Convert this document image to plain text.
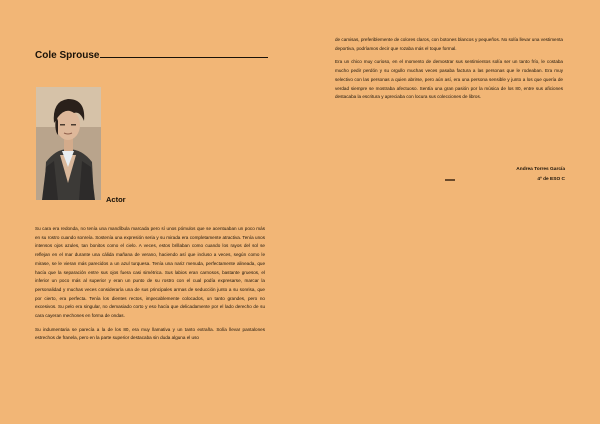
Cole Sprouse
Actor

Su cara era redonda, no tenía una mandíbula marcada pero sí unos pómulos que se acentuaban un poco más en su rostro cuando sonreía. Sostenía una expresión seria y su mirada era completamente atractiva. Tenía unos intensos ojos azules, tan bonitos como el cielo. A veces, estos brillaban como cuando los rayos del sol se reflejan en el mar durante una cálida mañana de verano, haciendo así que incluso a veces, según como le mirase, se le vieran más parecidos a un azul turquesa. Tenía una nariz menuda, perfectamente alineada, que hacía que la separación entre sus ojos fuera casi simétrica. Sus labios eran carnosos, bastante gruesos, el inferior un poco más al superior y eran un punto de su rostro con el cual podía expresarse, marcar la personalidad y muchas veces consideraría una de sus principales armas de seducción junto a su sonrisa, que por cierto, era perfecta. Tenía los dientes rectos, impecablemente colocados, un tanto grandes, pero no excesivos. Su pelo era singular, no demasiado corto y eso hacía que delicadamente por el lado derecho de su cara cayeran mechones en forma de ondas.

Su indumentaria se parecía a la de los 80, era muy llamativa y un tanto extraña. Solía llevar pantalones estrechos de franela, pero en la parte superior destacaba sin duda alguna el uso

de camisas, preferiblemente de colores claros, con botones blancos y pequeños. No solía llevar una vestimenta deportiva, podríamos decir que rozaba más el toque formal.

Era un chico muy curioso, en el momento de demostrar sus sentimientos solía ser un tanto frío, le costaba mucho pedir perdón y su orgullo muchas veces pasaba factura a las personas que le rodeaban. Era muy selectivo con las personas a quien abrirse, pero aún así, era una persona sensible y junto a los que quería de verdad siempre se mostraba afectuoso. Sentía una gran pasión por la música de los 80, entre sus aficiones destacaba la escritura y apreciaba con locura sus colecciones de libros.

Andrea Torres García
4º de ESO C
